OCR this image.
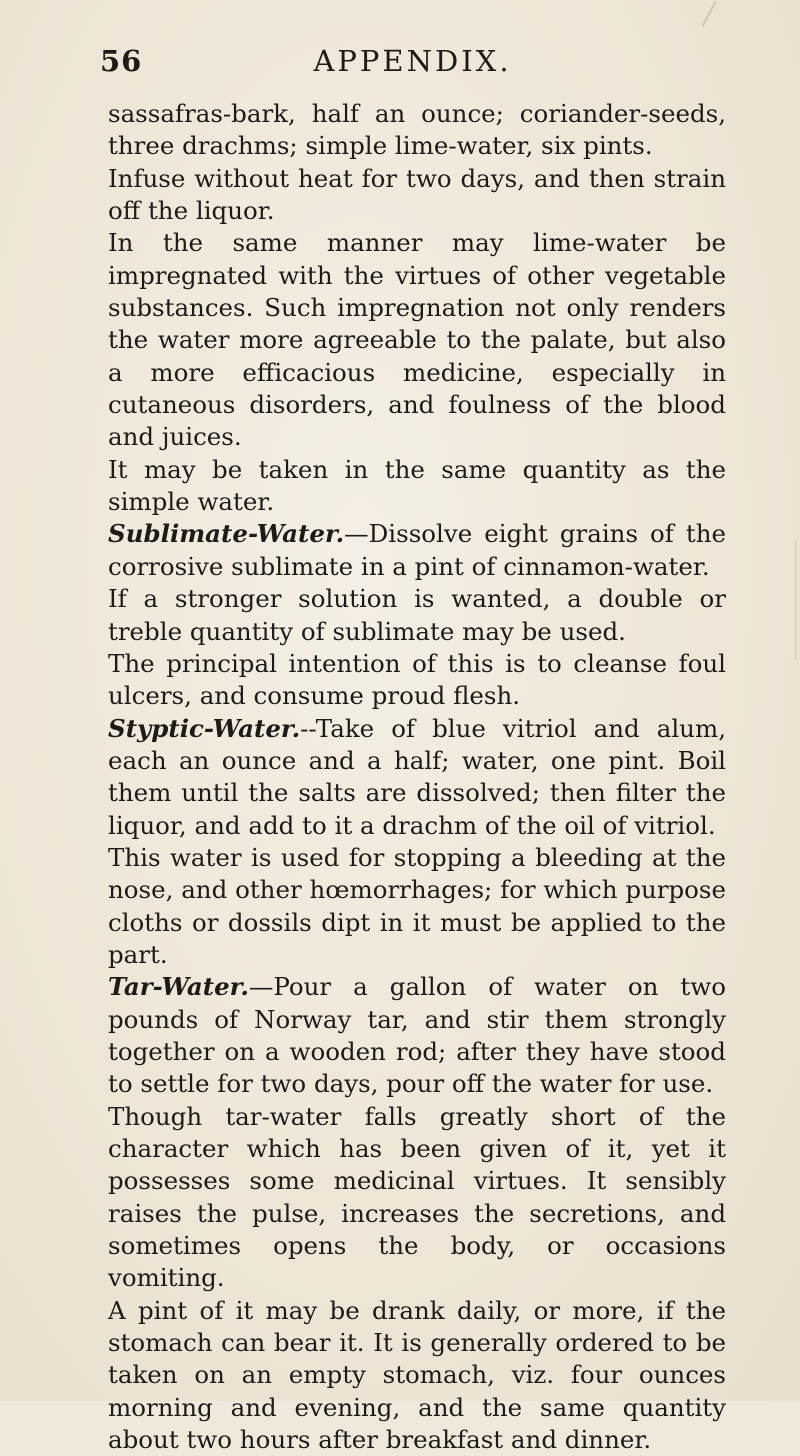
56	APPENDIX.

sassafras-bark, half an ounce; coriander-seeds, three drachms; simple lime-water, six pints.

Infuse without heat for two days, and then strain off the liquor.

In the same manner may lime-water be impregnated with the virtues of other vegetable substances. Such impregnation not only renders the water more agreeable to the palate, but also a more efficacious medicine, especially in cutaneous disorders, and foulness of the blood and juices.

It may be taken in the same quantity as the simple water.

Sublimate-Water.—Dissolve eight grains of the corrosive sublimate in a pint of cinnamon-water.

If a stronger solution is wanted, a double or treble quantity of sublimate may be used.

The principal intention of this is to cleanse foul ulcers, and consume proud flesh.

Styptic-Water.--Take of blue vitriol and alum, each an ounce and a half; water, one pint. Boil them until the salts are dissolved; then filter the liquor, and add to it a drachm of the oil of vitriol.

This water is used for stopping a bleeding at the nose, and other hœmorrhages; for which purpose cloths or dossils dipt in it must be applied to the part.

Tar-Water.—Pour a gallon of water on two pounds of Norway tar, and stir them strongly together on a wooden rod; after they have stood to settle for two days, pour off the water for use.

Though tar-water falls greatly short of the character which has been given of it, yet it possesses some medicinal virtues. It sensibly raises the pulse, increases the secretions, and sometimes opens the body, or occasions vomiting.

A pint of it may be drank daily, or more, if the stomach can bear it. It is generally ordered to be taken on an empty stomach, viz. four ounces morning and evening, and the same quantity about two hours after breakfast and dinner.
